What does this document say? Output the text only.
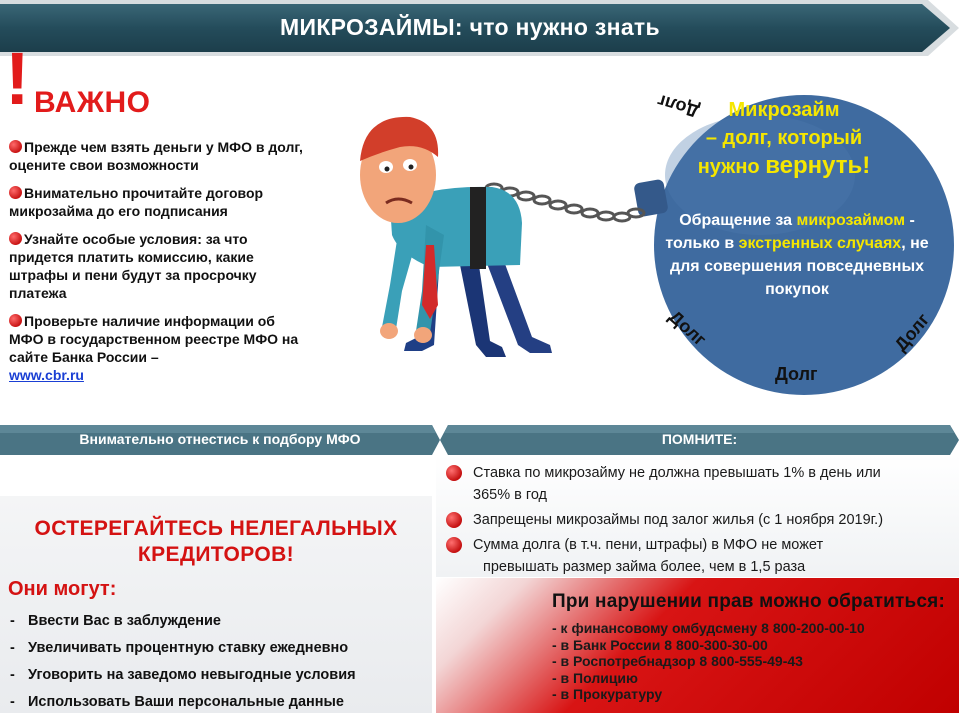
МИКРОЗАЙМЫ: что нужно знать
! ВАЖНО
Прежде чем взять деньги у МФО в долг, оцените свои возможности
Внимательно прочитайте договор микрозайма до его подписания
Узнайте особые условия: за что придется платить комиссию, какие штрафы и пени будут за просрочку платежа
Проверьте наличие информации об МФО в государственном реестре МФО на сайте Банка России –
www.cbr.ru
Микрозайм
– долг, который
нужно вернуть!
Обращение за микрозаймом - только в экстренных случаях, не для совершения повседневных покупок
Долг
Долг
Долг
Долг
Внимательно отнестись к подбору МФО	ПОМНИТЕ:
Ставка по микрозайму не должна превышать 1% в день или
365% в год
Запрещены микрозаймы под залог жилья (с 1 ноября 2019г.)
Сумма долга (в т.ч. пени, штрафы) в МФО не может
превышать размер займа более, чем в 1,5 раза
При нарушении прав можно обратиться:
- к финансовому омбудсмену 8 800-200-00-10
- в Банк России 8 800-300-30-00
- в Роспотребнадзор 8 800-555-49-43
- в Полицию
- в Прокуратуру
ОСТЕРЕГАЙТЕСЬ НЕЛЕГАЛЬНЫХ КРЕДИТОРОВ!
Они могут:
- Ввести Вас в заблуждение
- Увеличивать процентную ставку ежедневно
- Уговорить на заведомо невыгодные условия
- Использовать Ваши персональные данные
